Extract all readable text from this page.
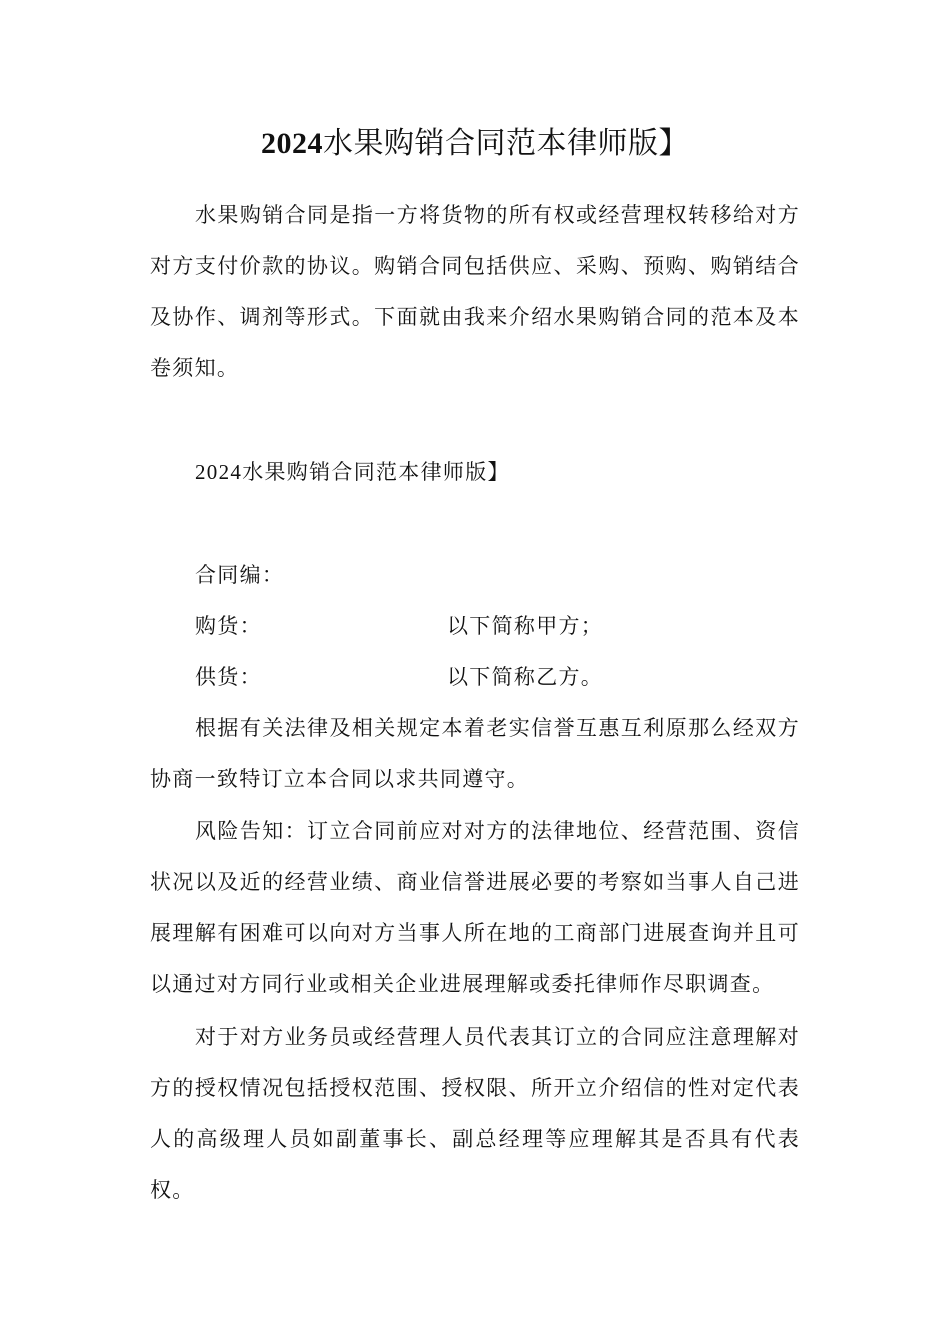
2024水果购销合同范本律师版】

水果购销合同是指一方将货物的所有权或经营理权转移给对方对方支付价款的协议。购销合同包括供应、采购、预购、购销结合及协作、调剂等形式。下面就由我来介绍水果购销合同的范本及本卷须知。

2024水果购销合同范本律师版】
合同编：
购货：	以下简称甲方；
供货：	以下简称乙方。

根据有关法律及相关规定本着老实信誉互惠互利原那么经双方协商一致特订立本合同以求共同遵守。

风险告知：订立合同前应对对方的法律地位、经营范围、资信状况以及近的经营业绩、商业信誉进展必要的考察如当事人自己进展理解有困难可以向对方当事人所在地的工商部门进展查询并且可以通过对方同行业或相关企业进展理解或委托律师作尽职调查。

对于对方业务员或经营理人员代表其订立的合同应注意理解对方的授权情况包括授权范围、授权限、所开立介绍信的性对定代表人的高级理人员如副董事长、副总经理等应理解其是否具有代表权。
